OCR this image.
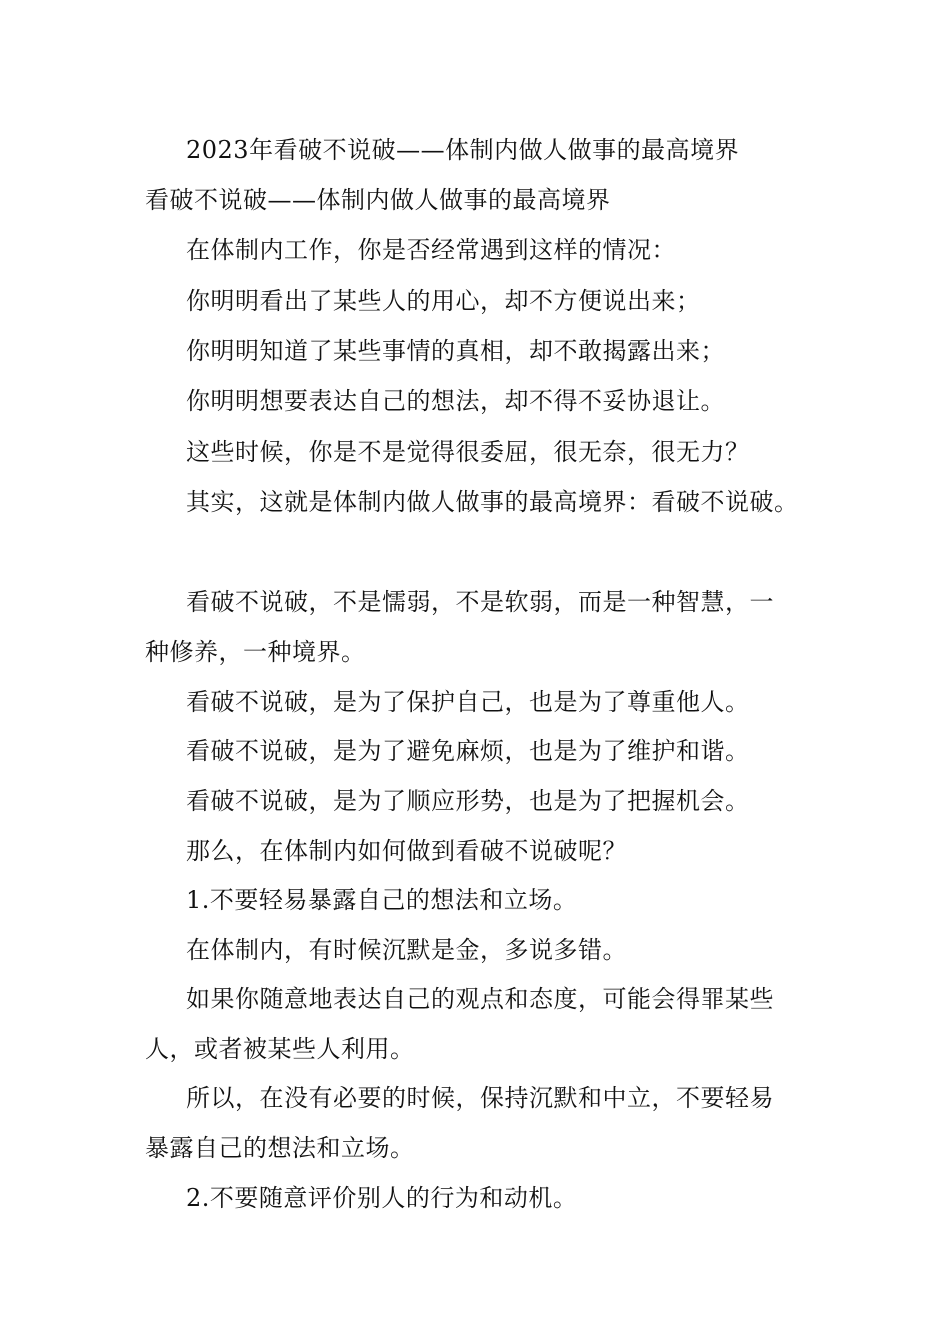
2023年看破不说破——体制内做人做事的最高境界
看破不说破——体制内做人做事的最高境界
在体制内工作，你是否经常遇到这样的情况：
你明明看出了某些人的用心，却不方便说出来；
你明明知道了某些事情的真相，却不敢揭露出来；
你明明想要表达自己的想法，却不得不妥协退让。
这些时候，你是不是觉得很委屈，很无奈，很无力？
其实，这就是体制内做人做事的最高境界：看破不说破。
看破不说破，不是懦弱，不是软弱，而是一种智慧，一
种修养，一种境界。
看破不说破，是为了保护自己，也是为了尊重他人。
看破不说破，是为了避免麻烦，也是为了维护和谐。
看破不说破，是为了顺应形势，也是为了把握机会。
那么，在体制内如何做到看破不说破呢？
1.不要轻易暴露自己的想法和立场。
在体制内，有时候沉默是金，多说多错。
如果你随意地表达自己的观点和态度，可能会得罪某些
人，或者被某些人利用。
所以，在没有必要的时候，保持沉默和中立，不要轻易
暴露自己的想法和立场。
2.不要随意评价别人的行为和动机。
